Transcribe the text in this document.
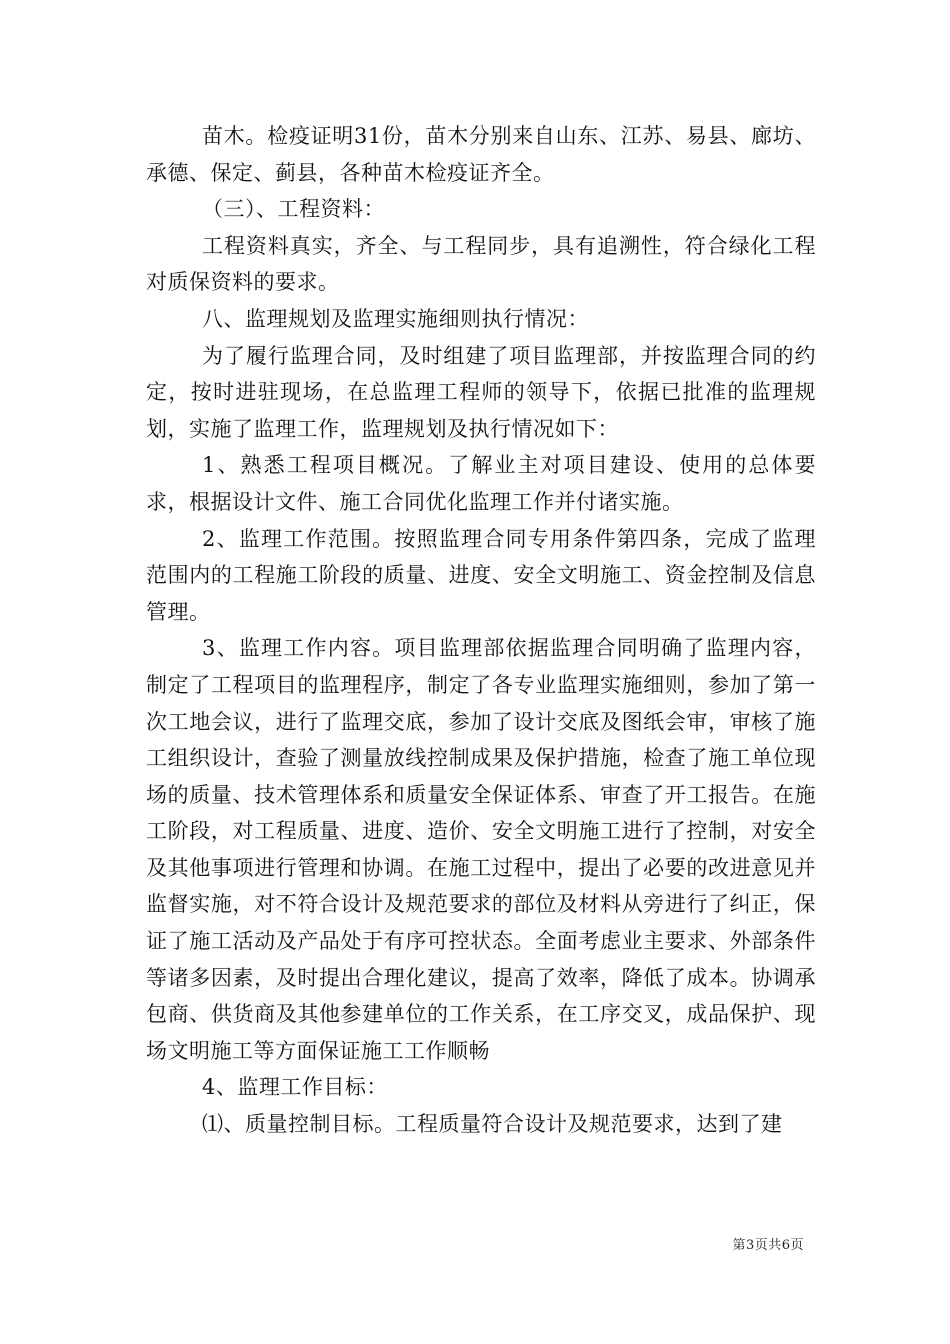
苗木。检疫证明31份，苗木分别来自山东、江苏、易县、廊坊、承德、保定、蓟县，各种苗木检疫证齐全。

（三）、工程资料：

工程资料真实，齐全、与工程同步，具有追溯性，符合绿化工程对质保资料的要求。

八、监理规划及监理实施细则执行情况：

为了履行监理合同，及时组建了项目监理部，并按监理合同的约定，按时进驻现场，在总监理工程师的领导下，依据已批准的监理规划，实施了监理工作，监理规划及执行情况如下：

1、熟悉工程项目概况。了解业主对项目建设、使用的总体要求，根据设计文件、施工合同优化监理工作并付诸实施。

2、监理工作范围。按照监理合同专用条件第四条，完成了监理范围内的工程施工阶段的质量、进度、安全文明施工、资金控制及信息管理。

3、监理工作内容。项目监理部依据监理合同明确了监理内容，制定了工程项目的监理程序，制定了各专业监理实施细则，参加了第一次工地会议，进行了监理交底，参加了设计交底及图纸会审，审核了施工组织设计，查验了测量放线控制成果及保护措施，检查了施工单位现场的质量、技术管理体系和质量安全保证体系、审查了开工报告。在施工阶段，对工程质量、进度、造价、安全文明施工进行了控制，对安全及其他事项进行管理和协调。在施工过程中，提出了必要的改进意见并监督实施，对不符合设计及规范要求的部位及材料从旁进行了纠正，保证了施工活动及产品处于有序可控状态。全面考虑业主要求、外部条件等诸多因素，及时提出合理化建议，提高了效率，降低了成本。协调承包商、供货商及其他参建单位的工作关系，在工序交叉，成品保护、现场文明施工等方面保证施工工作顺畅

4、监理工作目标：

⑴、质量控制目标。工程质量符合设计及规范要求，达到了建

第3页共6页
